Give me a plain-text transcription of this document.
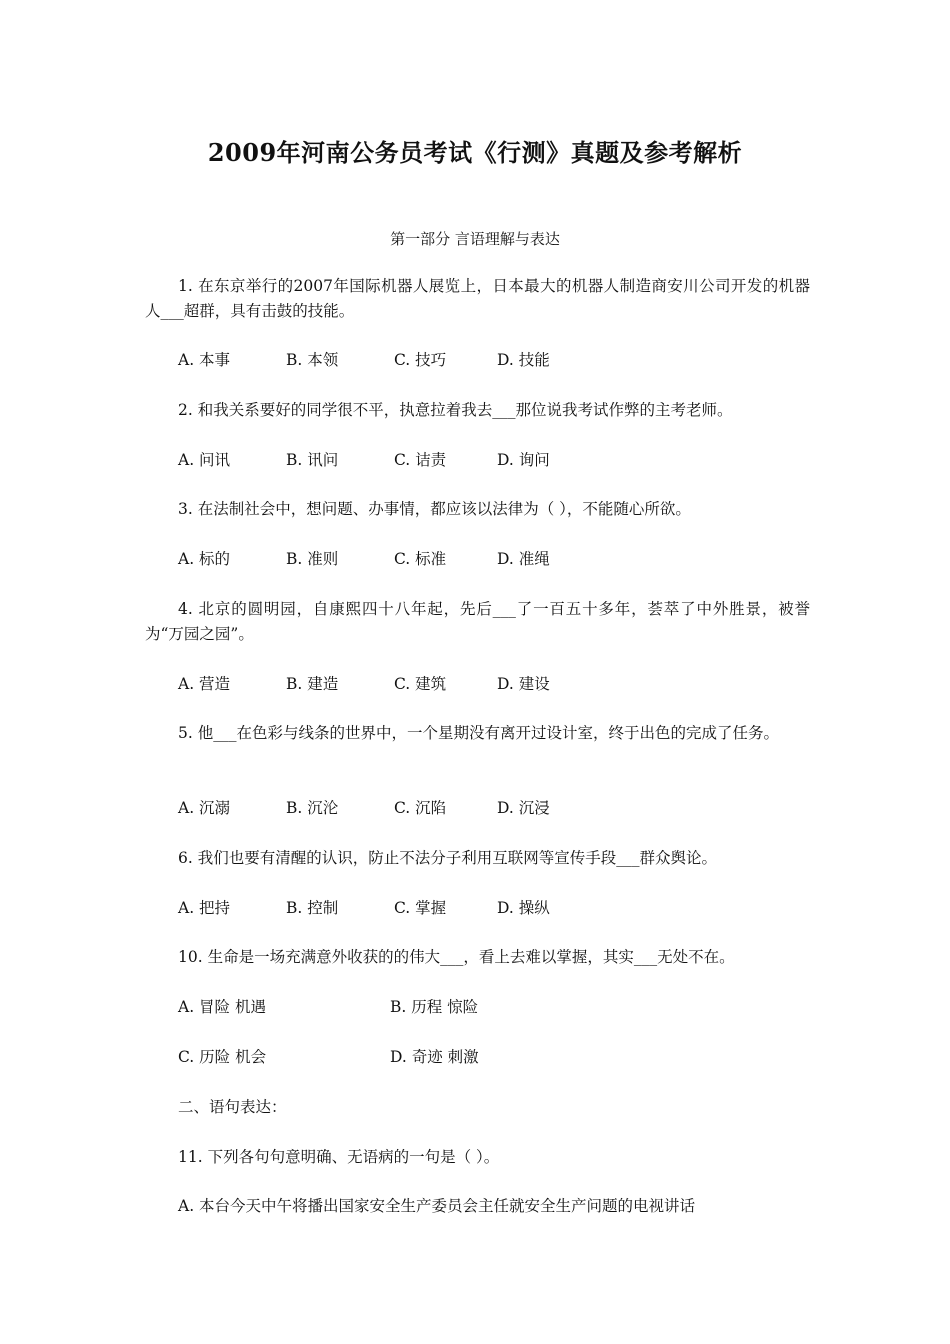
2009年河南公务员考试《行测》真题及参考解析
第一部分 言语理解与表达
1. 在东京举行的2007年国际机器人展览上，日本最大的机器人制造商安川公司开发的机器人___超群，具有击鼓的技能。
A. 本事	B. 本领	C. 技巧	D. 技能
2. 和我关系要好的同学很不平，执意拉着我去___那位说我考试作弊的主考老师。
A. 问讯	B. 讯问	C. 诘责	D. 询问
3. 在法制社会中，想问题、办事情，都应该以法律为（ ），不能随心所欲。
A. 标的	B. 准则	C. 标准	D. 准绳
4. 北京的圆明园，自康熙四十八年起，先后___了一百五十多年，荟萃了中外胜景，被誉为“万园之园”。
A. 营造	B. 建造	C. 建筑	D. 建设
5. 他___在色彩与线条的世界中，一个星期没有离开过设计室，终于出色的完成了任务。
A. 沉溺	B. 沉沦	C. 沉陷	D. 沉浸
6. 我们也要有清醒的认识，防止不法分子利用互联网等宣传手段___群众舆论。
A. 把持	B. 控制	C. 掌握	D. 操纵
10. 生命是一场充满意外收获的的伟大___，看上去难以掌握，其实___无处不在。
A. 冒险 机遇	B. 历程 惊险
C. 历险 机会	D. 奇迹 刺激
二、语句表达：
11. 下列各句句意明确、无语病的一句是（ ）。
A. 本台今天中午将播出国家安全生产委员会主任就安全生产问题的电视讲话
